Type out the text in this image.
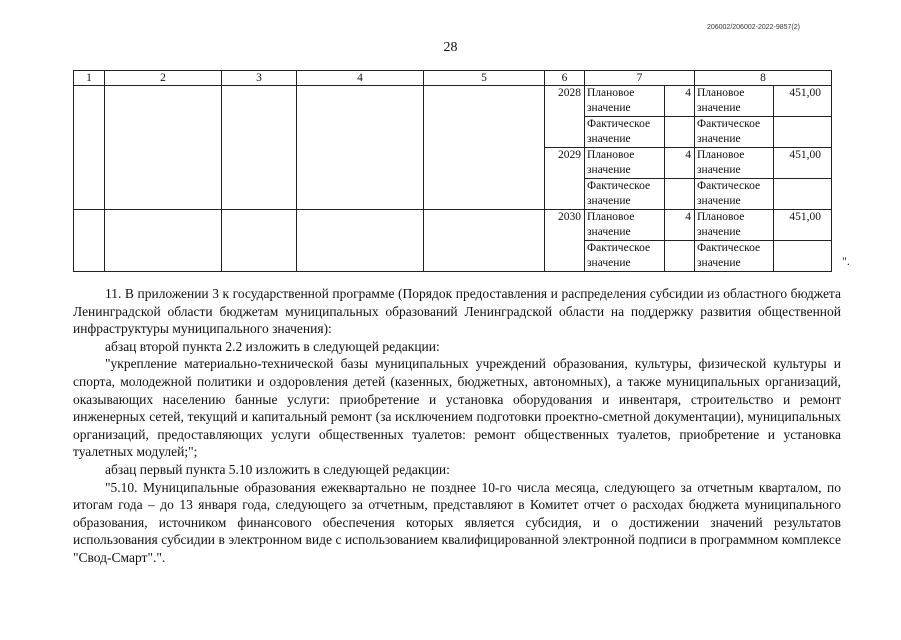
206002/206002-2022-9857(2)
28
1	2	3	4	5	6	7		8	
					2028	Плановое значение	4	Плановое значение	451,00
						Фактическое значение		Фактическое значение	
					2029	Плановое значение	4	Плановое значение	451,00
						Фактическое значение		Фактическое значение	
					2030	Плановое значение	4	Плановое значение	451,00
						Фактическое значение		Фактическое значение		".

11. В приложении 3 к государственной программе (Порядок предоставления и распределения субсидии из областного бюджета Ленинградской области бюджетам муниципальных образований Ленинградской области на поддержку развития общественной инфраструктуры муниципального значения):

абзац второй пункта 2.2 изложить в следующей редакции:

"укрепление материально-технической базы муниципальных учреждений образования, культуры, физической культуры и спорта, молодежной политики и оздоровления детей (казенных, бюджетных, автономных), а также муниципальных организаций, оказывающих населению банные услуги: приобретение и установка оборудования и инвентаря, строительство и ремонт инженерных сетей, текущий и капитальный ремонт (за исключением подготовки проектно-сметной документации), муниципальных организаций, предоставляющих услуги общественных туалетов: ремонт общественных туалетов, приобретение и установка туалетных модулей;";

абзац первый пункта 5.10 изложить в следующей редакции:

"5.10. Муниципальные образования ежеквартально не позднее 10-го числа месяца, следующего за отчетным кварталом, по итогам года – до 13 января года, следующего за отчетным, представляют в Комитет отчет о расходах бюджета муниципального образования, источником финансового обеспечения которых является субсидия, и о достижении значений результатов использования субсидии в электронном виде с использованием квалифицированной электронной подписи в программном комплексе "Свод-Смарт".".
